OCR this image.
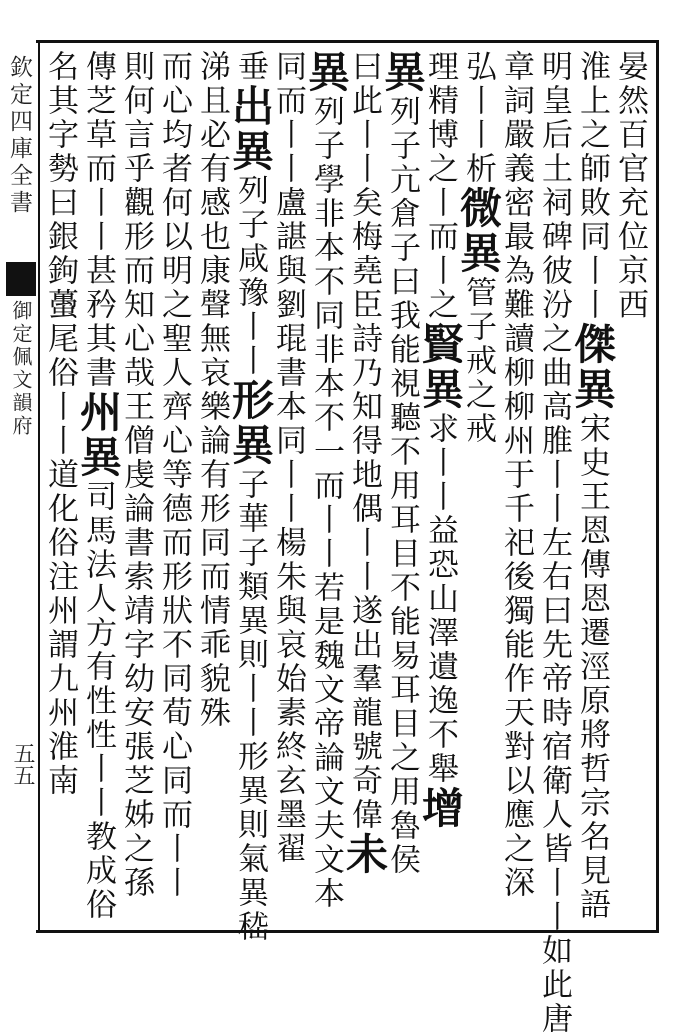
欽定四庫全書
御定佩文韻府
五五
晏然百官充位京西
淮上之師敗同丨丨傑異宋史王恩傳恩遷涇原將哲宗名見語
明皇后土祠碑彼汾之曲高脽丨丨左右曰先帝時宿衛人皆丨丨如此唐
章詞嚴義密最為難讀柳柳州于千祀後獨能作天對以應之深
弘丨丨析微異管子戒之戒
理精博之丨而丨之賢異求丨丨益恐山澤遺逸不舉增
異列子亢倉子曰我能視聽不用耳目不能易耳目之用魯侯
曰此丨丨矣梅堯臣詩乃知得地偶丨丨遂出羣龍號奇偉未
異列子學非本不同非本不一而丨丨若是魏文帝論文夫文本
同而丨丨盧諶與劉琨書本同丨丨楊朱與哀始素終玄墨翟
垂出異列子咸豫丨丨形異子華子類異則丨丨形異則氣異嵇
涕且必有感也康聲無哀樂論有形同而情乖貌殊
而心均者何以明之聖人齊心等德而形狀不同荀心同而丨丨
則何言乎觀形而知心哉王僧虔論書索靖字幼安張芝姊之孫
傳芝草而丨丨甚矜其書州異司馬法人方有性性丨丨教成俗
名其字勢曰銀鉤蠆尾俗丨丨道化俗注州謂九州淮南
